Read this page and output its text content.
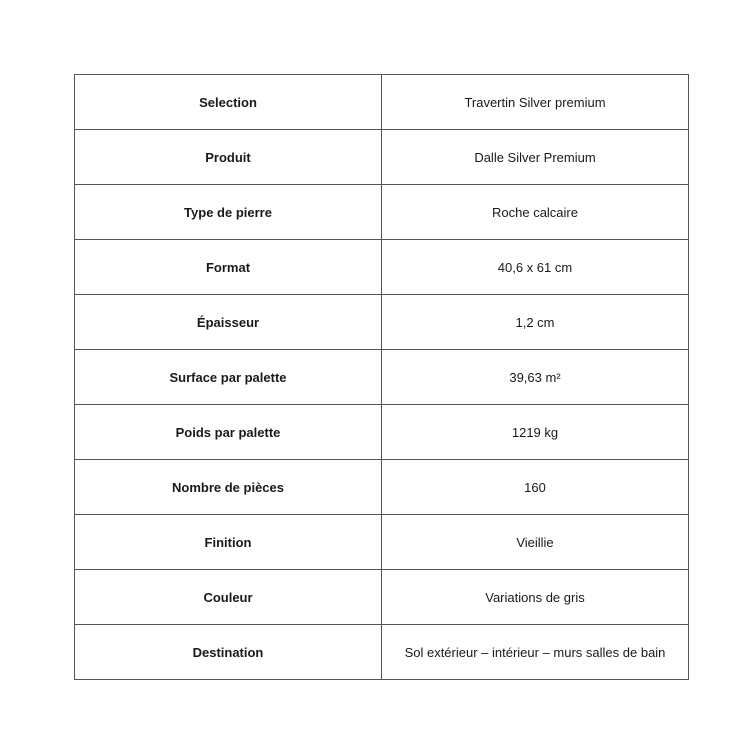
Selection	Travertin Silver premium
Produit	Dalle Silver Premium
Type de pierre	Roche calcaire
Format	40,6 x 61 cm
Épaisseur	1,2 cm
Surface par palette	39,63 m²
Poids par palette	1219 kg
Nombre de pièces	160
Finition	Vieillie
Couleur	Variations de gris
Destination	Sol extérieur – intérieur – murs salles de bain
